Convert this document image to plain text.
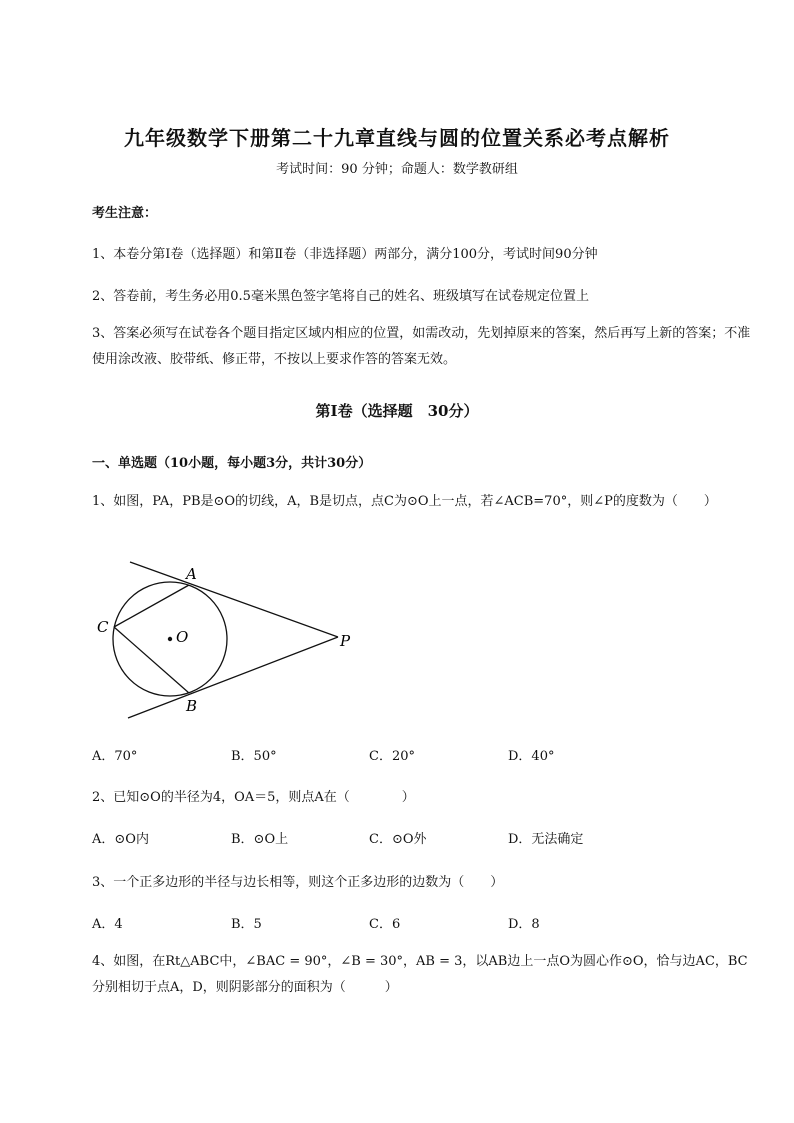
九年级数学下册第二十九章直线与圆的位置关系必考点解析
考试时间：90 分钟；命题人：数学教研组
考生注意：
1、本卷分第Ⅰ卷（选择题）和第Ⅱ卷（非选择题）两部分，满分100分，考试时间90分钟
2、答卷前，考生务必用0.5毫米黑色签字笔将自己的姓名、班级填写在试卷规定位置上
3、答案必须写在试卷各个题目指定区域内相应的位置，如需改动，先划掉原来的答案，然后再写上新的答案；不准使用涂改液、胶带纸、修正带，不按以上要求作答的答案无效。
第Ⅰ卷（选择题　30分）
一、单选题（10小题，每小题3分，共计30分）
1、如图，PA，PB是⊙O的切线，A，B是切点，点C为⊙O上一点，若∠ACB=70°，则∠P的度数为（　　）
A
B
C
O	P
A．70°	B．50°	C．20°	D．40°
2、已知⊙O的半径为4，OA＝5，则点A在（　　　　）
A．⊙O内	B．⊙O上	C．⊙O外	D．无法确定
3、一个正多边形的半径与边长相等，则这个正多边形的边数为（　　）
A．4	B．5	C．6	D．8
4、如图，在Rt△ABC中，∠BAC = 90°，∠B = 30°，AB = 3，以AB边上一点O为圆心作⊙O，恰与边AC，BC分别相切于点A，D，则阴影部分的面积为（　　　）
